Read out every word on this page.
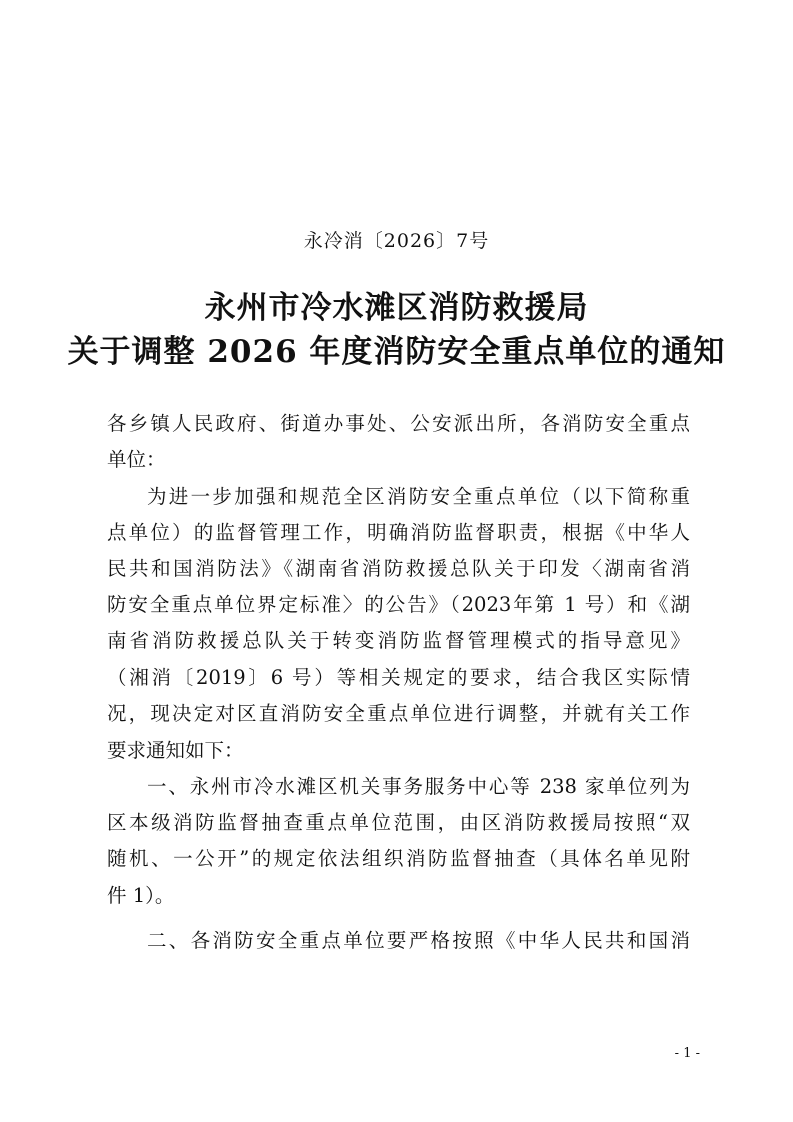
永冷消〔2026〕7号
永州市冷水滩区消防救援局
关于调整 2026 年度消防安全重点单位的通知
各乡镇人民政府、街道办事处、公安派出所，各消防安全重点
单位：
为进一步加强和规范全区消防安全重点单位（以下简称重
点单位）的监督管理工作，明确消防监督职责，根据《中华人
民共和国消防法》《湖南省消防救援总队关于印发〈湖南省消
防安全重点单位界定标准〉的公告》（2023年第 1 号）和《湖
南省消防救援总队关于转变消防监督管理模式的指导意见》
（湘消〔2019〕6 号）等相关规定的要求，结合我区实际情
况，现决定对区直消防安全重点单位进行调整，并就有关工作
要求通知如下：
一、永州市冷水滩区机关事务服务中心等 238 家单位列为
区本级消防监督抽查重点单位范围，由区消防救援局按照“双
随机、一公开”的规定依法组织消防监督抽查（具体名单见附
件 1）。
二、各消防安全重点单位要严格按照《中华人民共和国消
- 1 -
